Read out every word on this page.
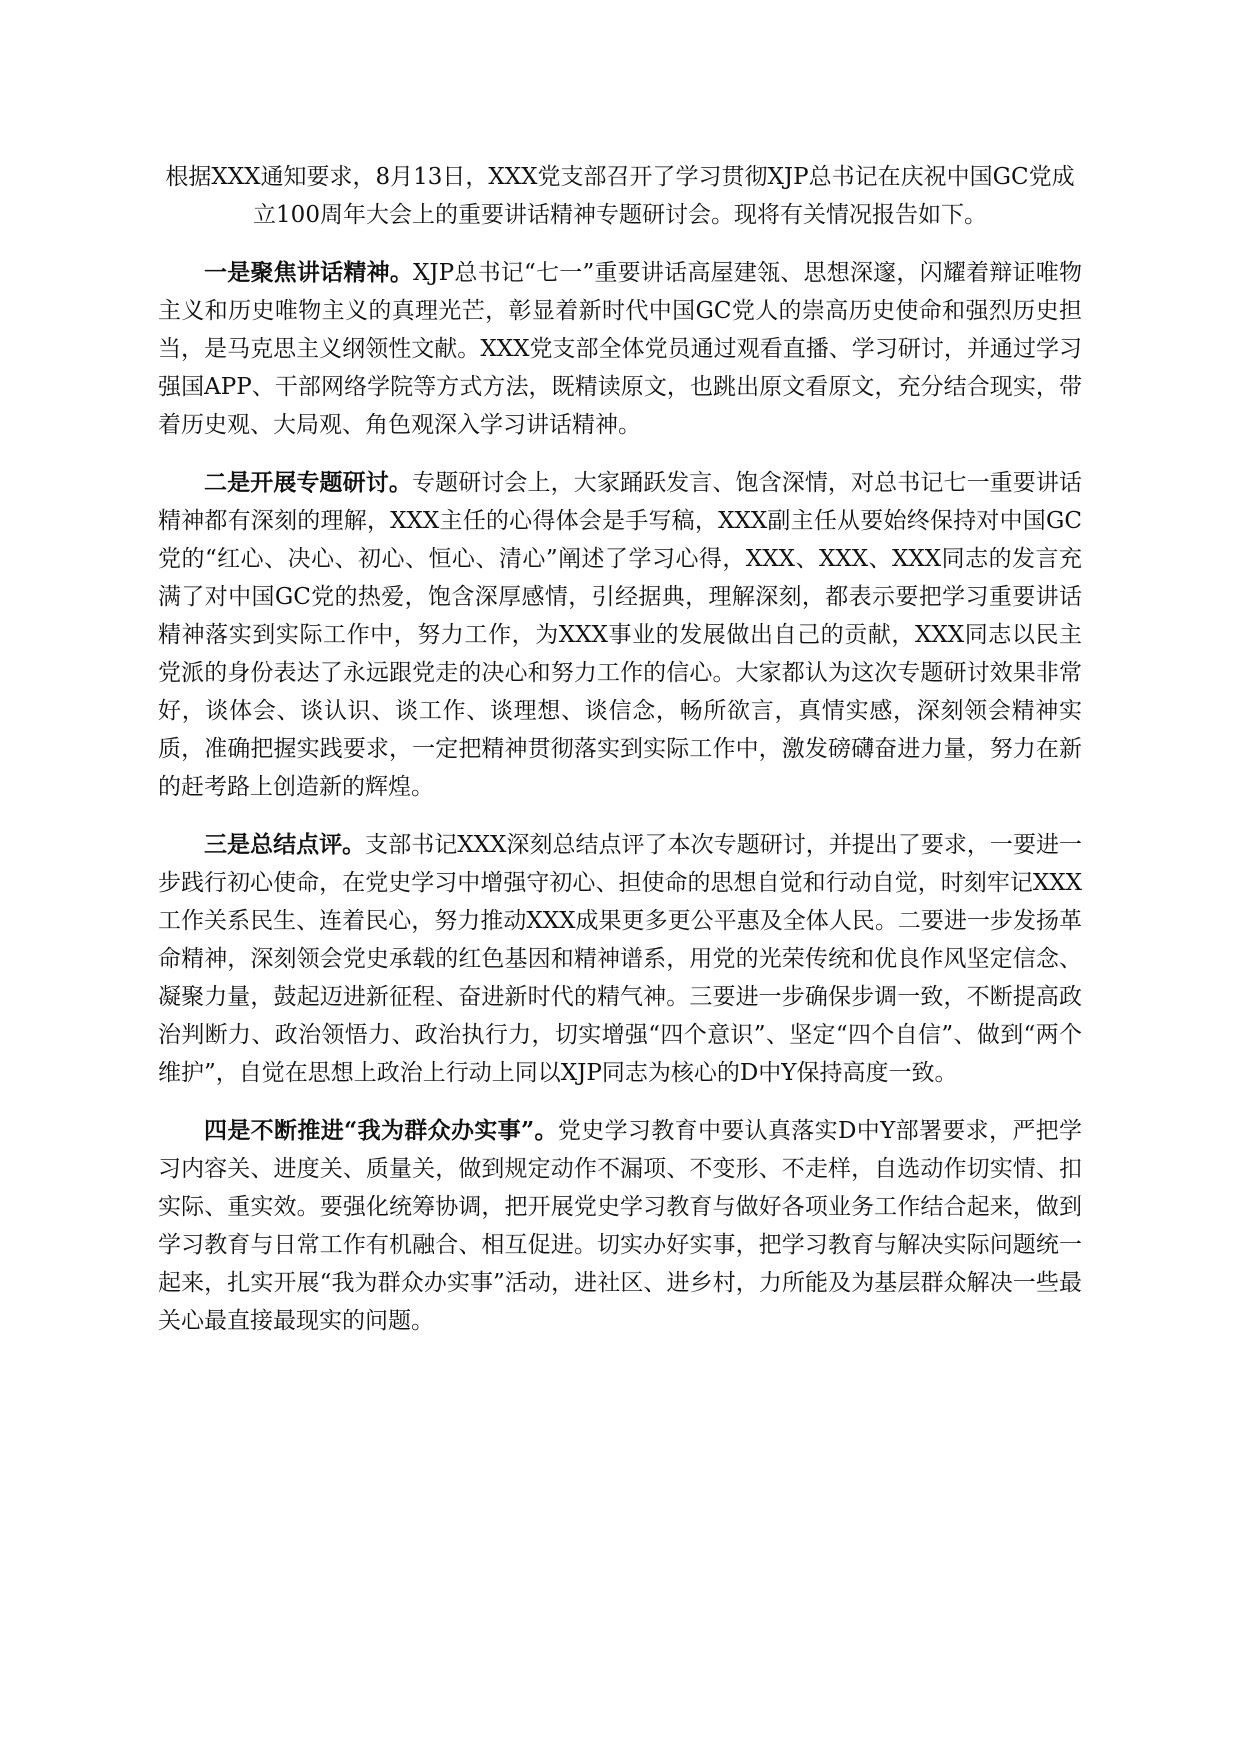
根据XXX通知要求，8月13日，XXX党支部召开了学习贯彻XJP总书记在庆祝中国GC党成立100周年大会上的重要讲话精神专题研讨会。现将有关情况报告如下。

一是聚焦讲话精神。XJP总书记“七一”重要讲话高屋建瓴、思想深邃，闪耀着辩证唯物主义和历史唯物主义的真理光芒，彰显着新时代中国GC党人的崇高历史使命和强烈历史担当，是马克思主义纲领性文献。XXX党支部全体党员通过观看直播、学习研讨，并通过学习强国APP、干部网络学院等方式方法，既精读原文，也跳出原文看原文，充分结合现实，带着历史观、大局观、角色观深入学习讲话精神。

二是开展专题研讨。专题研讨会上，大家踊跃发言、饱含深情，对总书记七一重要讲话精神都有深刻的理解，XXX主任的心得体会是手写稿，XXX副主任从要始终保持对中国GC党的“红心、决心、初心、恒心、清心”阐述了学习心得，XXX、XXX、XXX同志的发言充满了对中国GC党的热爱，饱含深厚感情，引经据典，理解深刻，都表示要把学习重要讲话精神落实到实际工作中，努力工作，为XXX事业的发展做出自己的贡献，XXX同志以民主党派的身份表达了永远跟党走的决心和努力工作的信心。大家都认为这次专题研讨效果非常好，谈体会、谈认识、谈工作、谈理想、谈信念，畅所欲言，真情实感，深刻领会精神实质，准确把握实践要求，一定把精神贯彻落实到实际工作中，激发磅礴奋进力量，努力在新的赶考路上创造新的辉煌。

三是总结点评。支部书记XXX深刻总结点评了本次专题研讨，并提出了要求，一要进一步践行初心使命，在党史学习中增强守初心、担使命的思想自觉和行动自觉，时刻牢记XXX工作关系民生、连着民心，努力推动XXX成果更多更公平惠及全体人民。二要进一步发扬革命精神，深刻领会党史承载的红色基因和精神谱系，用党的光荣传统和优良作风坚定信念、凝聚力量，鼓起迈进新征程、奋进新时代的精气神。三要进一步确保步调一致，不断提高政治判断力、政治领悟力、政治执行力，切实增强“四个意识”、坚定“四个自信”、做到“两个维护”，自觉在思想上政治上行动上同以XJP同志为核心的D中Y保持高度一致。

四是不断推进“我为群众办实事”。党史学习教育中要认真落实D中Y部署要求，严把学习内容关、进度关、质量关，做到规定动作不漏项、不变形、不走样，自选动作切实情、扣实际、重实效。要强化统筹协调，把开展党史学习教育与做好各项业务工作结合起来，做到学习教育与日常工作有机融合、相互促进。切实办好实事，把学习教育与解决实际问题统一起来，扎实开展“我为群众办实事”活动，进社区、进乡村，力所能及为基层群众解决一些最关心最直接最现实的问题。
